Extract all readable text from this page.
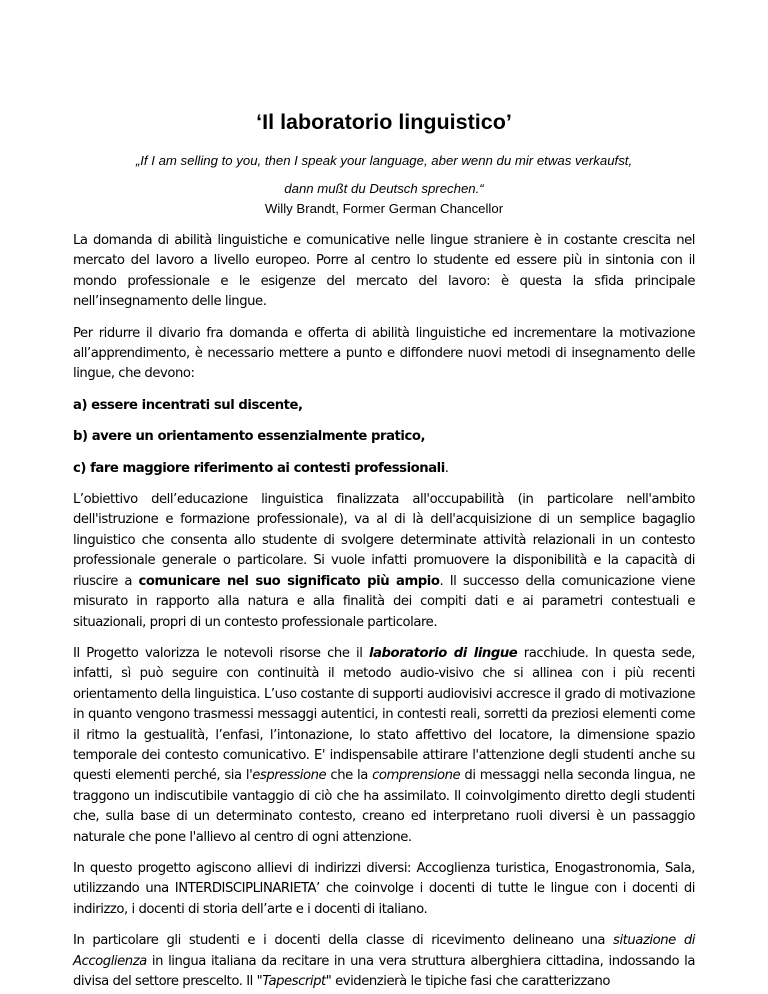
‘Il laboratorio linguistico’
„If I am selling to you, then I speak your language, aber wenn du mir etwas verkaufst,
dann mußt du Deutsch sprechen.“
Willy Brandt, Former German Chancellor

La domanda di abilità linguistiche e comunicative nelle lingue straniere è in costante crescita nel mercato del lavoro a livello europeo. Porre al centro lo studente ed essere più in sintonia con il mondo professionale e le esigenze del mercato del lavoro: è questa la sfida principale nell’insegnamento delle lingue.

Per ridurre il divario fra domanda e offerta di abilità linguistiche ed incrementare la motivazione all’apprendimento, è necessario mettere a punto e diffondere nuovi metodi di insegnamento delle lingue, che devono:

a) essere incentrati sul discente,

b) avere un orientamento essenzialmente pratico,

c) fare maggiore riferimento ai contesti professionali.

L’obiettivo dell’educazione linguistica finalizzata all'occupabilità (in particolare nell'ambito dell'istruzione e formazione professionale), va al di là dell'acquisizione di un semplice bagaglio linguistico che consenta allo studente di svolgere determinate attività relazionali in un contesto professionale generale o particolare. Si vuole infatti promuovere la disponibilità e la capacità di riuscire a comunicare nel suo significato più ampio. Il successo della comunicazione viene misurato in rapporto alla natura e alla finalità dei compiti dati e ai parametri contestuali e situazionali, propri di un contesto professionale particolare.

Il Progetto valorizza le notevoli risorse che il laboratorio di lingue racchiude. In questa sede, infatti, sì può seguire con continuità il metodo audio-visivo che si allinea con i più recenti orientamento della linguistica. L’uso costante di supporti audiovisivi accresce il grado di motivazione in quanto vengono trasmessi messaggi autentici, in contesti reali, sorretti da preziosi elementi come il ritmo la gestualità, l’enfasi, l’intonazione, lo stato affettivo del locatore, la dimensione spazio temporale dei contesto comunicativo. E' indispensabile attirare l'attenzione degli studenti anche su questi elementi perché, sia l'espressione che la comprensione di messaggi nella seconda lingua, ne traggono un indiscutibile vantaggio di ciò che ha assimilato. Il coinvolgimento diretto degli studenti che, sulla base di un determinato contesto, creano ed interpretano ruoli diversi è un passaggio naturale che pone l'allievo al centro di ogni attenzione.

In questo progetto agiscono allievi di indirizzi diversi: Accoglienza turistica, Enogastronomia, Sala, utilizzando una INTERDISCIPLINARIETA’ che coinvolge i docenti di tutte le lingue con i docenti di indirizzo, i docenti di storia dell’arte e i docenti di italiano.

In particolare gli studenti e i docenti della classe di ricevimento delineano una situazione di Accoglienza in lingua italiana da recitare in una vera struttura alberghiera cittadina, indossando la divisa del settore prescelto. Il "Tapescript" evidenzierà le tipiche fasi che caratterizzano
